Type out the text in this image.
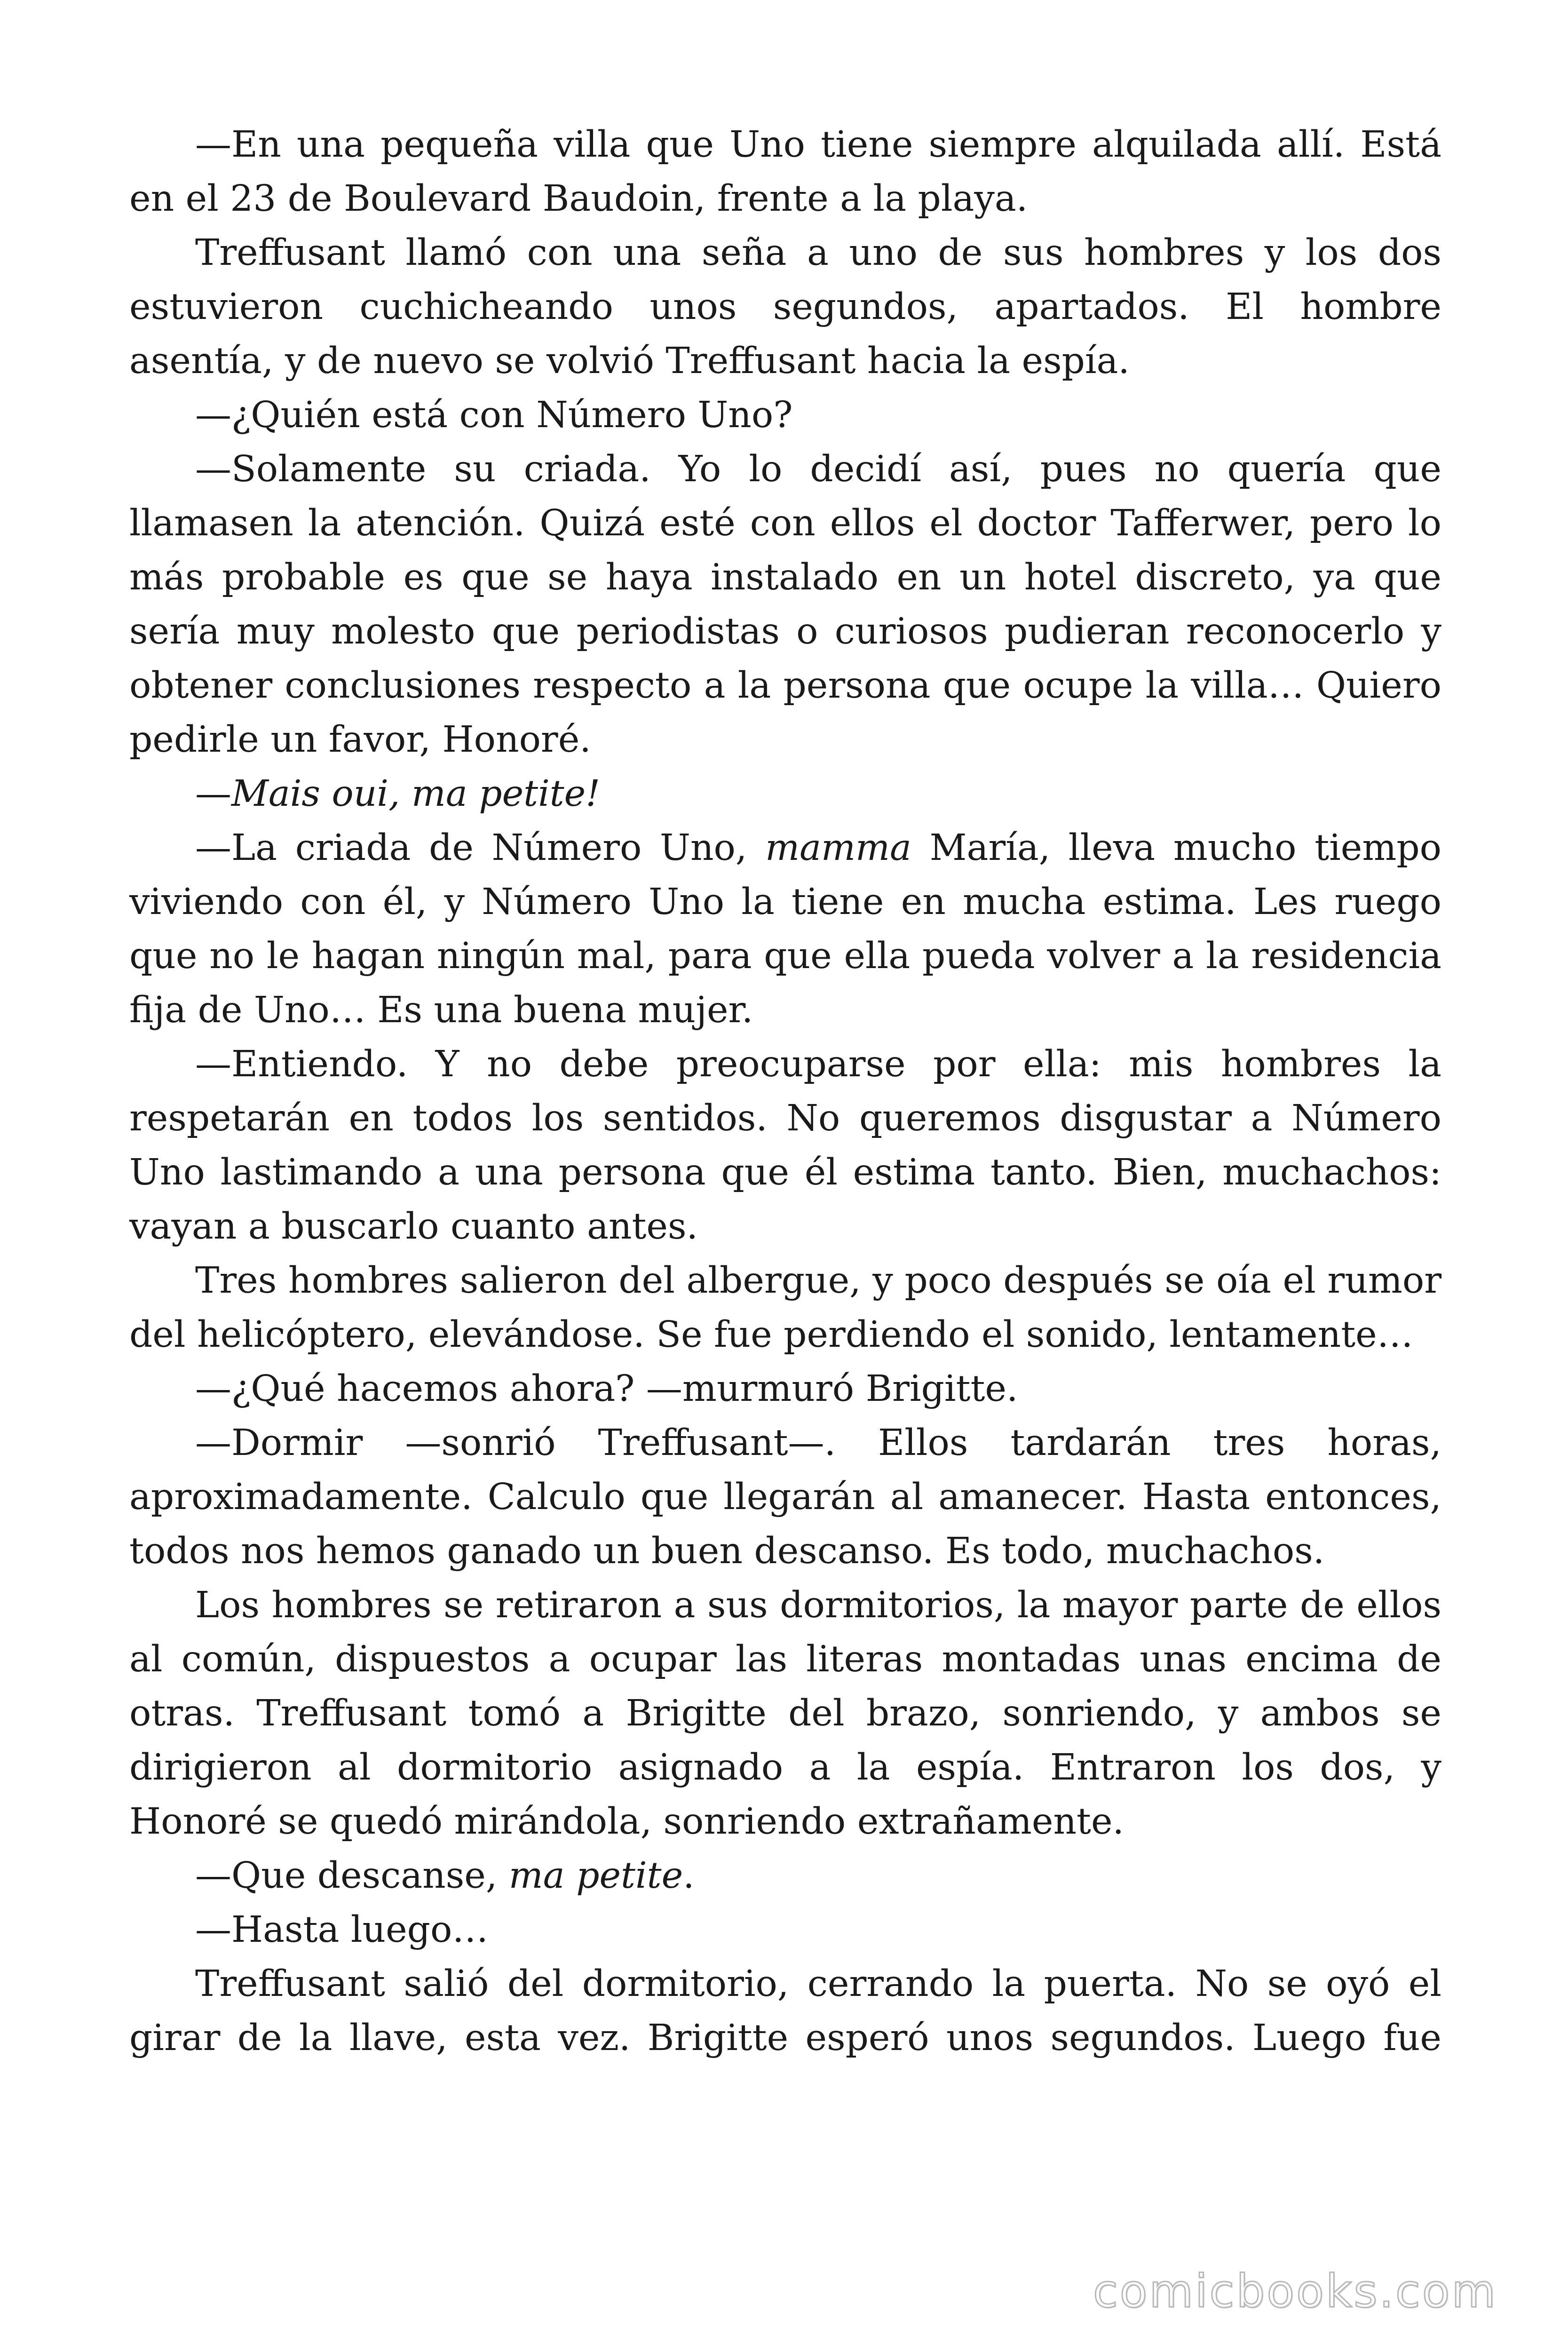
—En una pequeña villa que Uno tiene siempre alquilada allí. Está en el 23 de Boulevard Baudoin, frente a la playa.

Treffusant llamó con una seña a uno de sus hombres y los dos estuvieron cuchicheando unos segundos, apartados. El hombre asentía, y de nuevo se volvió Treffusant hacia la espía.

—¿Quién está con Número Uno?

—Solamente su criada. Yo lo decidí así, pues no quería que llamasen la atención. Quizá esté con ellos el doctor Tafferwer, pero lo más probable es que se haya instalado en un hotel discreto, ya que sería muy molesto que periodistas o curiosos pudieran reconocerlo y obtener conclusiones respecto a la persona que ocupe la villa… Quiero pedirle un favor, Honoré.

—Mais oui, ma petite!

—La criada de Número Uno, mamma María, lleva mucho tiempo viviendo con él, y Número Uno la tiene en mucha estima. Les ruego que no le hagan ningún mal, para que ella pueda volver a la residencia fija de Uno… Es una buena mujer.

—Entiendo. Y no debe preocuparse por ella: mis hombres la respetarán en todos los sentidos. No queremos disgustar a Número Uno lastimando a una persona que él estima tanto. Bien, muchachos: vayan a buscarlo cuanto antes.

Tres hombres salieron del albergue, y poco después se oía el rumor del helicóptero, elevándose. Se fue perdiendo el sonido, lentamente…

—¿Qué hacemos ahora? —murmuró Brigitte.

—Dormir —sonrió Treffusant—. Ellos tardarán tres horas, aproximadamente. Calculo que llegarán al amanecer. Hasta entonces, todos nos hemos ganado un buen descanso. Es todo, muchachos.

Los hombres se retiraron a sus dormitorios, la mayor parte de ellos al común, dispuestos a ocupar las literas montadas unas encima de otras. Treffusant tomó a Brigitte del brazo, sonriendo, y ambos se dirigieron al dormitorio asignado a la espía. Entraron los dos, y Honoré se quedó mirándola, sonriendo extrañamente.

—Que descanse, ma petite.

—Hasta luego…

Treffusant salió del dormitorio, cerrando la puerta. No se oyó el girar de la llave, esta vez. Brigitte esperó unos segundos. Luego fue

comicbooks.com
